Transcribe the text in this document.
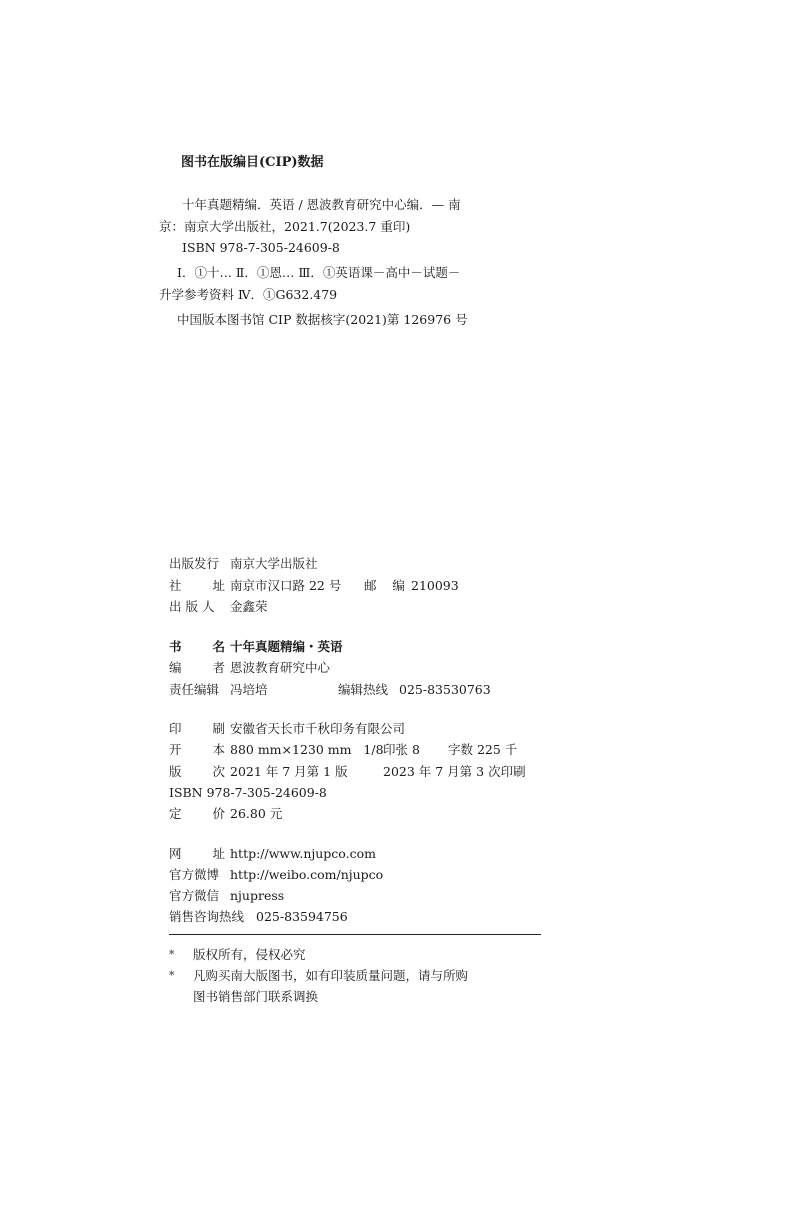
图书在版编目(CIP)数据
十年真题精编．英语 / 恩波教育研究中心编．— 南
京：南京大学出版社，2021.7(2023.7 重印)
ISBN 978-7-305-24609-8
Ⅰ．①十… Ⅱ．①恩… Ⅲ．①英语课－高中－试题－
升学参考资料 Ⅳ．①G632.479
中国版本图书馆 CIP 数据核字(2021)第 126976 号
出版发行 南京大学出版社
社 址 南京市汉口路 22 号 邮    编 210093
出 版 人 金鑫荣
书 名 十年真题精编・英语
编 者 恩波教育研究中心
责任编辑 冯培培	编辑热线 025-83530763
印 刷 安徽省天长市千秋印务有限公司
开 本 880 mm×1230 mm   1/8 印张 8 字数 225 千
版 次 2021 年 7 月第 1 版	2023 年 7 月第 3 次印刷
ISBN 978-7-305-24609-8
定 价 26.80 元
网 址 http://www.njupco.com
官方微博 http://weibo.com/njupco
官方微信 njupress
销售咨询热线 025-83594756
* 版权所有，侵权必究
* 凡购买南大版图书，如有印装质量问题，请与所购
图书销售部门联系调换
